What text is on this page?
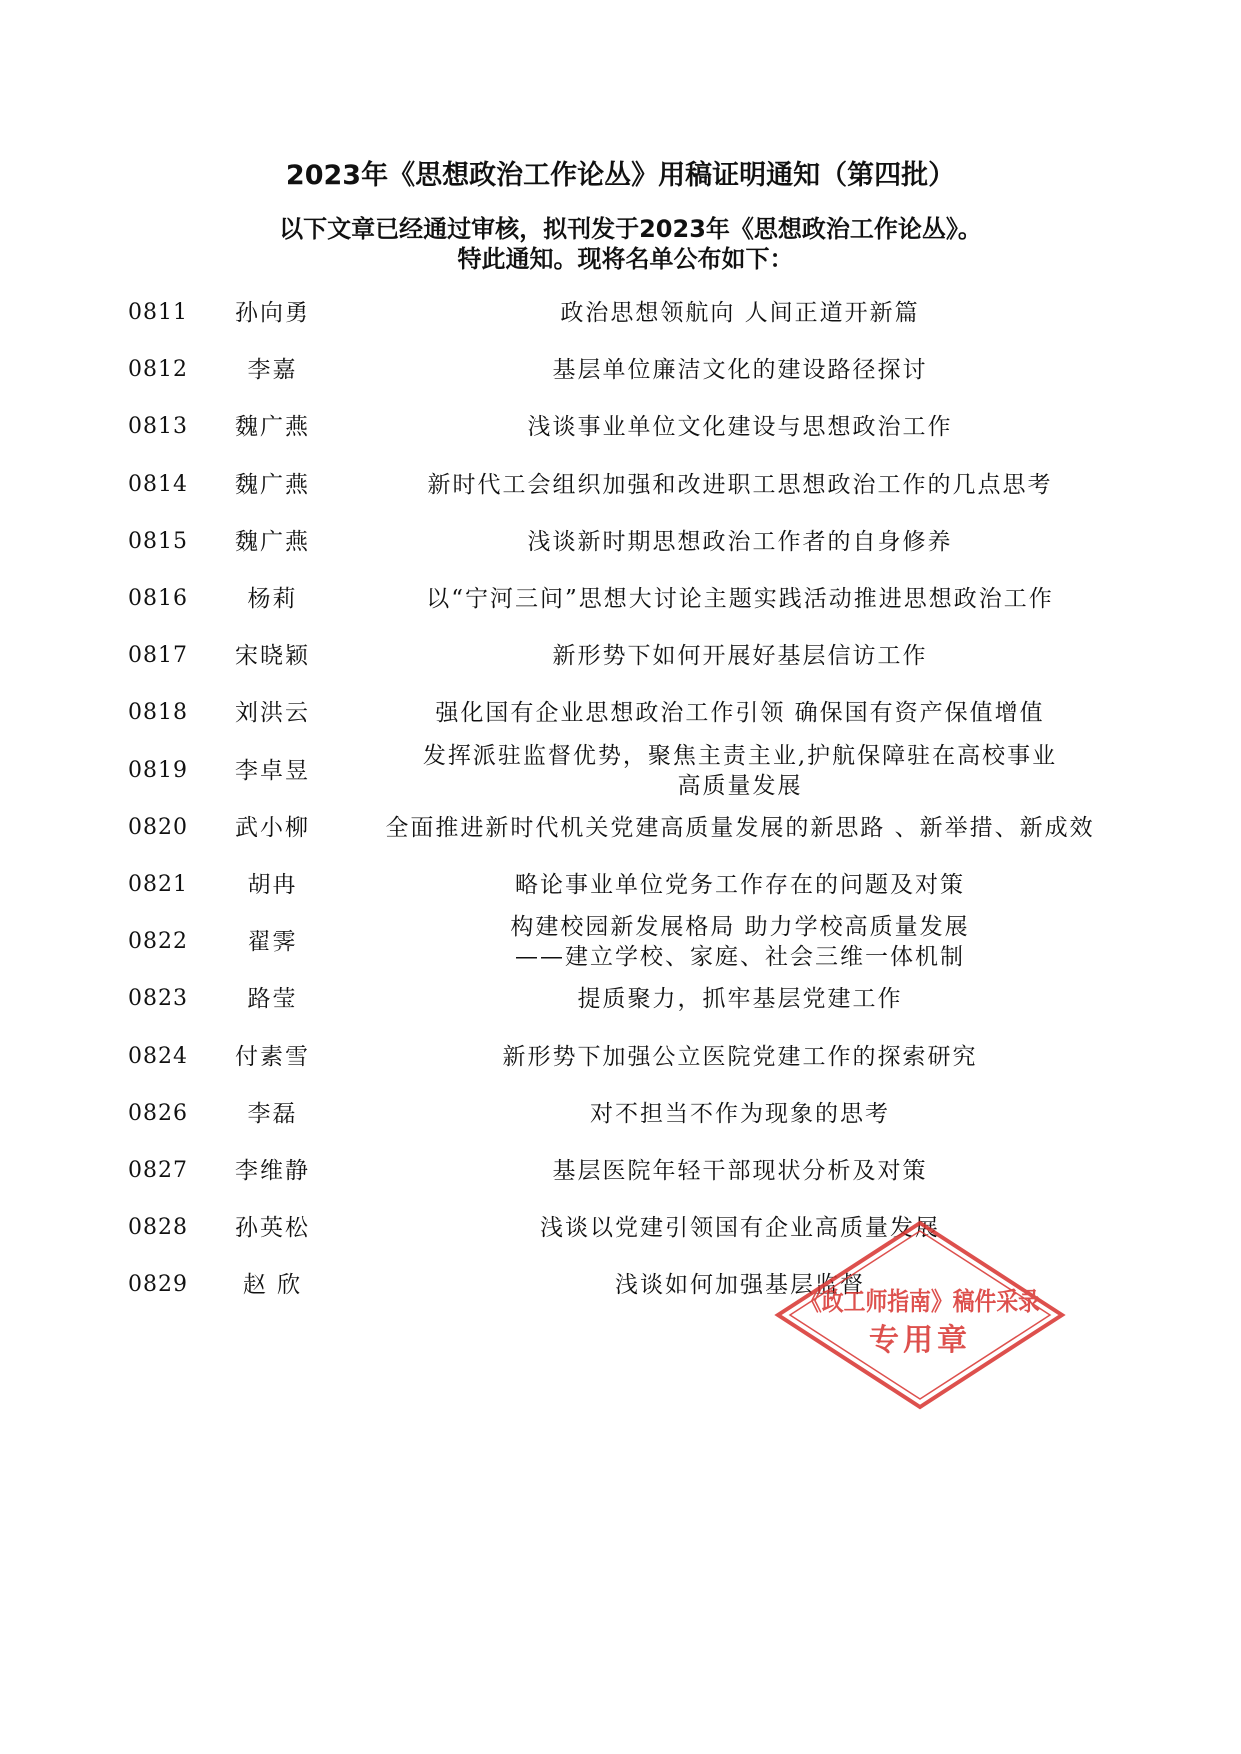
2023年《思想政治工作论丛》用稿证明通知（第四批）
以下文章已经通过审核，拟刊发于2023年《思想政治工作论丛》。
特此通知。现将名单公布如下：
0811	孙向勇	政治思想领航向 人间正道开新篇
0812	李嘉	基层单位廉洁文化的建设路径探讨
0813	魏广燕	浅谈事业单位文化建设与思想政治工作
0814	魏广燕	新时代工会组织加强和改进职工思想政治工作的几点思考
0815	魏广燕	浅谈新时期思想政治工作者的自身修养
0816	杨莉	以“宁河三问”思想大讨论主题实践活动推进思想政治工作
0817	宋晓颖	新形势下如何开展好基层信访工作
0818	刘洪云	强化国有企业思想政治工作引领 确保国有资产保值增值
0819	李卓昱
发挥派驻监督优势，聚焦主责主业,护航保障驻在高校事业
高质量发展
0820	武小柳	全面推进新时代机关党建高质量发展的新思路 、新举措、新成效
0821	胡冉	略论事业单位党务工作存在的问题及对策
0822	翟霁
构建校园新发展格局 助力学校高质量发展
——建立学校、家庭、社会三维一体机制
0823	路莹	提质聚力，抓牢基层党建工作
0824	付素雪	新形势下加强公立医院党建工作的探索研究
0826	李磊	对不担当不作为现象的思考
0827	李维静	基层医院年轻干部现状分析及对策
0828	孙英松	浅谈以党建引领国有企业高质量发展
0829	赵 欣	浅谈如何加强基层监督
《政工师指南》稿件采录
专用章
